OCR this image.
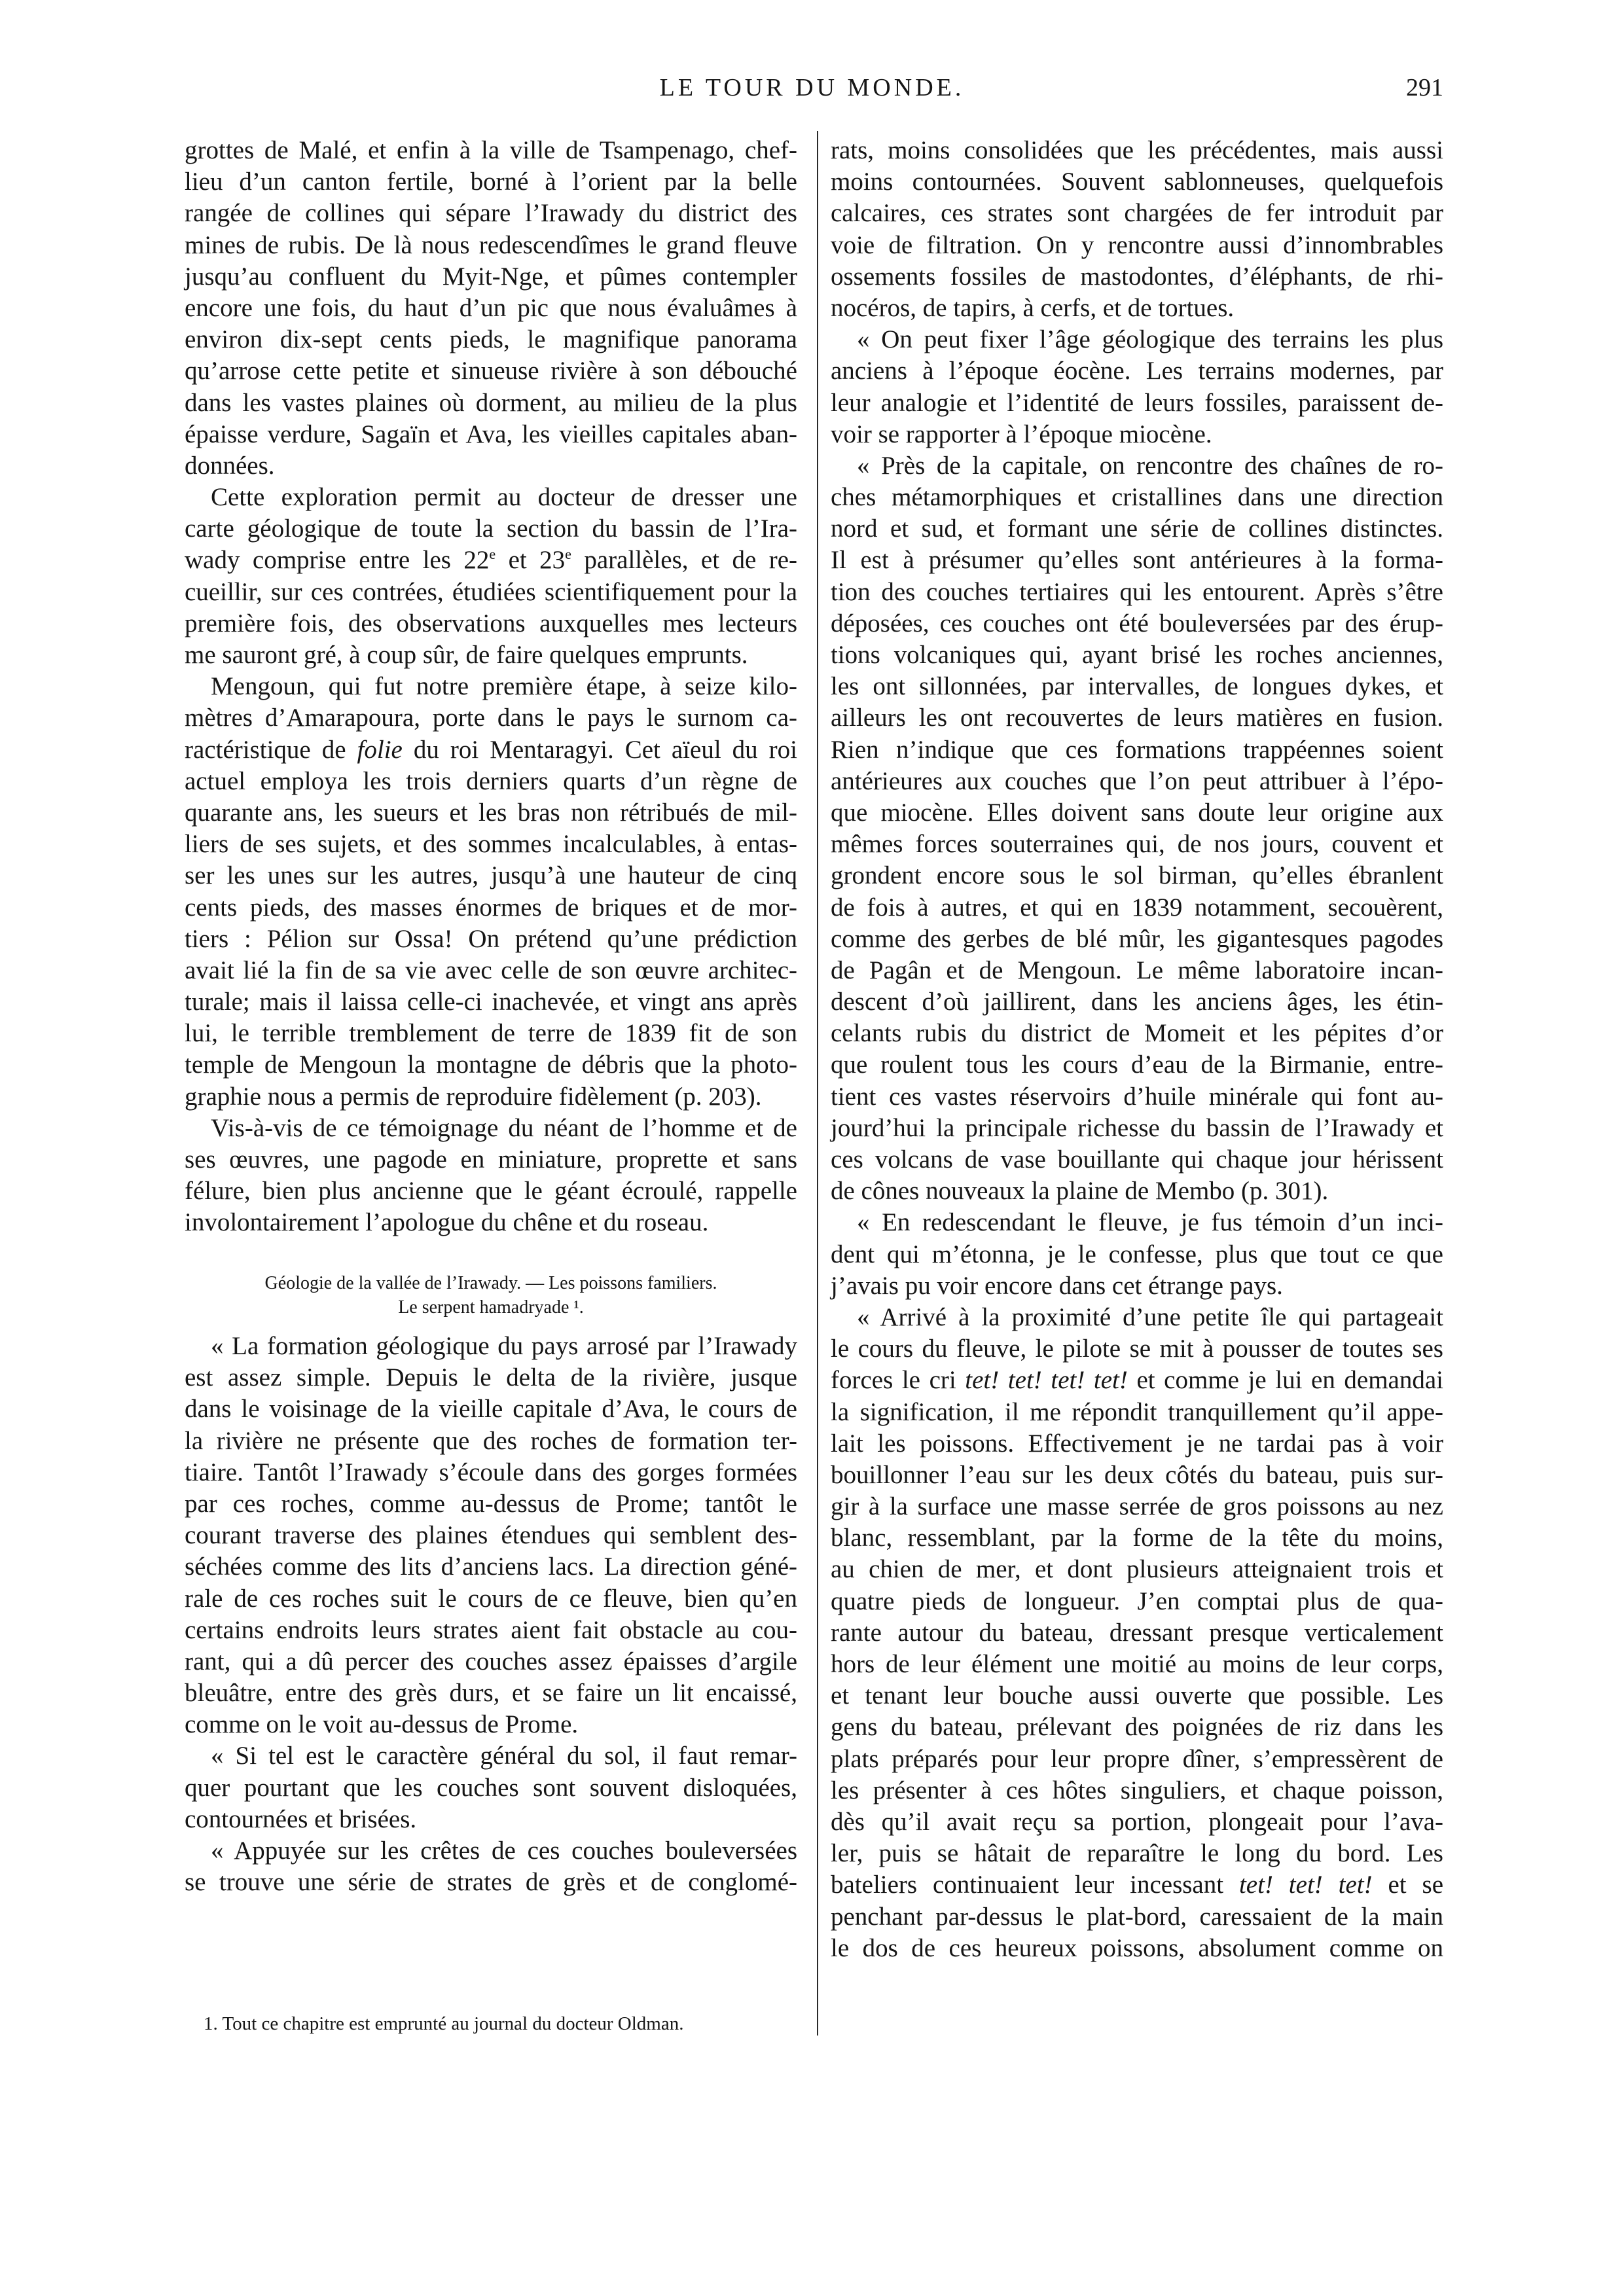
LE TOUR DU MONDE.	291
grottes de Malé, et enfin à la ville de Tsampenago, chef-
lieu d’un canton fertile, borné à l’orient par la belle
rangée de collines qui sépare l’Irawady du district des
mines de rubis. De là nous redescendîmes le grand fleuve
jusqu’au confluent du Myit-Nge, et pûmes contempler
encore une fois, du haut d’un pic que nous évaluâmes à
environ dix-sept cents pieds, le magnifique panorama
qu’arrose cette petite et sinueuse rivière à son débouché
dans les vastes plaines où dorment, au milieu de la plus
épaisse verdure, Sagaïn et Ava, les vieilles capitales aban-
données.
Cette exploration permit au docteur de dresser une
carte géologique de toute la section du bassin de l’Ira-
wady comprise entre les 22e et 23e parallèles, et de re-
cueillir, sur ces contrées, étudiées scientifiquement pour la
première fois, des observations auxquelles mes lecteurs
me sauront gré, à coup sûr, de faire quelques emprunts.
Mengoun, qui fut notre première étape, à seize kilo-
mètres d’Amarapoura, porte dans le pays le surnom ca-
ractéristique de folie du roi Mentaragyi. Cet aïeul du roi
actuel employa les trois derniers quarts d’un règne de
quarante ans, les sueurs et les bras non rétribués de mil-
liers de ses sujets, et des sommes incalculables, à entas-
ser les unes sur les autres, jusqu’à une hauteur de cinq
cents pieds, des masses énormes de briques et de mor-
tiers : Pélion sur Ossa! On prétend qu’une prédiction
avait lié la fin de sa vie avec celle de son œuvre architec-
turale; mais il laissa celle-ci inachevée, et vingt ans après
lui, le terrible tremblement de terre de 1839 fit de son
temple de Mengoun la montagne de débris que la photo-
graphie nous a permis de reproduire fidèlement (p. 203).
Vis-à-vis de ce témoignage du néant de l’homme et de
ses œuvres, une pagode en miniature, proprette et sans
félure, bien plus ancienne que le géant écroulé, rappelle
involontairement l’apologue du chêne et du roseau.
Géologie de la vallée de l’Irawady. — Les poissons familiers.
Le serpent hamadryade ¹.
« La formation géologique du pays arrosé par l’Irawady
est assez simple. Depuis le delta de la rivière, jusque
dans le voisinage de la vieille capitale d’Ava, le cours de
la rivière ne présente que des roches de formation ter-
tiaire. Tantôt l’Irawady s’écoule dans des gorges formées
par ces roches, comme au-dessus de Prome; tantôt le
courant traverse des plaines étendues qui semblent des-
séchées comme des lits d’anciens lacs. La direction géné-
rale de ces roches suit le cours de ce fleuve, bien qu’en
certains endroits leurs strates aient fait obstacle au cou-
rant, qui a dû percer des couches assez épaisses d’argile
bleuâtre, entre des grès durs, et se faire un lit encaissé,
comme on le voit au-dessus de Prome.
« Si tel est le caractère général du sol, il faut remar-
quer pourtant que les couches sont souvent disloquées,
contournées et brisées.
« Appuyée sur les crêtes de ces couches bouleversées
se trouve une série de strates de grès et de conglomé-
rats, moins consolidées que les précédentes, mais aussi
moins contournées. Souvent sablonneuses, quelquefois
calcaires, ces strates sont chargées de fer introduit par
voie de filtration. On y rencontre aussi d’innombrables
ossements fossiles de mastodontes, d’éléphants, de rhi-
nocéros, de tapirs, à cerfs, et de tortues.
« On peut fixer l’âge géologique des terrains les plus
anciens à l’époque éocène. Les terrains modernes, par
leur analogie et l’identité de leurs fossiles, paraissent de-
voir se rapporter à l’époque miocène.
« Près de la capitale, on rencontre des chaînes de ro-
ches métamorphiques et cristallines dans une direction
nord et sud, et formant une série de collines distinctes.
Il est à présumer qu’elles sont antérieures à la forma-
tion des couches tertiaires qui les entourent. Après s’être
déposées, ces couches ont été bouleversées par des érup-
tions volcaniques qui, ayant brisé les roches anciennes,
les ont sillonnées, par intervalles, de longues dykes, et
ailleurs les ont recouvertes de leurs matières en fusion.
Rien n’indique que ces formations trappéennes soient
antérieures aux couches que l’on peut attribuer à l’épo-
que miocène. Elles doivent sans doute leur origine aux
mêmes forces souterraines qui, de nos jours, couvent et
grondent encore sous le sol birman, qu’elles ébranlent
de fois à autres, et qui en 1839 notamment, secouèrent,
comme des gerbes de blé mûr, les gigantesques pagodes
de Pagân et de Mengoun. Le même laboratoire incan-
descent d’où jaillirent, dans les anciens âges, les étin-
celants rubis du district de Momeit et les pépites d’or
que roulent tous les cours d’eau de la Birmanie, entre-
tient ces vastes réservoirs d’huile minérale qui font au-
jourd’hui la principale richesse du bassin de l’Irawady et
ces volcans de vase bouillante qui chaque jour hérissent
de cônes nouveaux la plaine de Membo (p. 301).
« En redescendant le fleuve, je fus témoin d’un inci-
dent qui m’étonna, je le confesse, plus que tout ce que
j’avais pu voir encore dans cet étrange pays.
« Arrivé à la proximité d’une petite île qui partageait
le cours du fleuve, le pilote se mit à pousser de toutes ses
forces le cri tet! tet! tet! tet! et comme je lui en demandai
la signification, il me répondit tranquillement qu’il appe-
lait les poissons. Effectivement je ne tardai pas à voir
bouillonner l’eau sur les deux côtés du bateau, puis sur-
gir à la surface une masse serrée de gros poissons au nez
blanc, ressemblant, par la forme de la tête du moins,
au chien de mer, et dont plusieurs atteignaient trois et
quatre pieds de longueur. J’en comptai plus de qua-
rante autour du bateau, dressant presque verticalement
hors de leur élément une moitié au moins de leur corps,
et tenant leur bouche aussi ouverte que possible. Les
gens du bateau, prélevant des poignées de riz dans les
plats préparés pour leur propre dîner, s’empressèrent de
les présenter à ces hôtes singuliers, et chaque poisson,
dès qu’il avait reçu sa portion, plongeait pour l’ava-
ler, puis se hâtait de reparaître le long du bord. Les
bateliers continuaient leur incessant tet! tet! tet! et se
penchant par-dessus le plat-bord, caressaient de la main
le dos de ces heureux poissons, absolument comme on
1. Tout ce chapitre est emprunté au journal du docteur Oldman.
